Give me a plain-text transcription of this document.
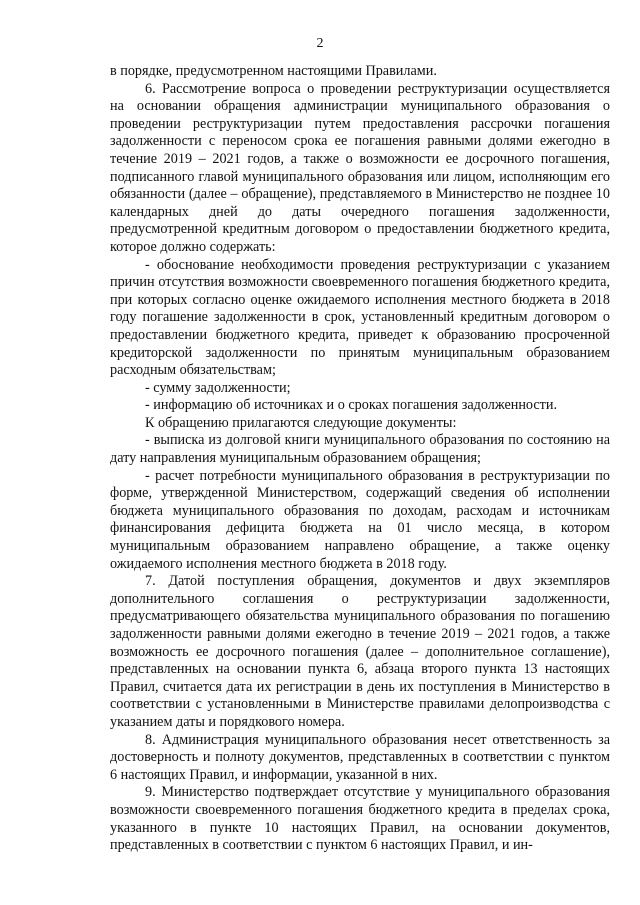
2

в порядке, предусмотренном настоящими Правилами.

6. Рассмотрение вопроса о проведении реструктуризации осуществляется на основании обращения администрации муниципального образования о проведении реструктуризации путем предоставления рассрочки погашения задолженности с переносом срока ее погашения равными долями ежегодно в течение 2019 – 2021 годов, а также о возможности ее досрочного погашения, подписанного главой муниципального образования или лицом, исполняющим его обязанности (далее – обращение), представляемого в Министерство не позднее 10 календарных дней до даты очередного погашения задолженности, предусмотренной кредитным договором о предоставлении бюджетного кредита, которое должно содержать:

- обоснование необходимости проведения реструктуризации с указанием причин отсутствия возможности своевременного погашения бюджетного кредита, при которых согласно оценке ожидаемого исполнения местного бюджета в 2018 году погашение задолженности в срок, установленный кредитным договором о предоставлении бюджетного кредита, приведет к образованию просроченной кредиторской задолженности по принятым муниципальным образованием расходным обязательствам;

- сумму задолженности;

- информацию об источниках и о сроках погашения задолженности.

К обращению прилагаются следующие документы:

- выписка из долговой книги муниципального образования по состоянию на дату направления муниципальным образованием обращения;

- расчет потребности муниципального образования в реструктуризации по форме, утвержденной Министерством, содержащий сведения об исполнении бюджета муниципального образования по доходам, расходам и источникам финансирования дефицита бюджета на 01 число месяца, в котором муниципальным образованием направлено обращение, а также оценку ожидаемого исполнения местного бюджета в 2018 году.

7. Датой поступления обращения, документов и двух экземпляров дополнительного соглашения о реструктуризации задолженности, предусматривающего обязательства муниципального образования по погашению задолженности равными долями ежегодно в течение 2019 – 2021 годов, а также возможность ее досрочного погашения (далее – дополнительное соглашение), представленных на основании пункта 6, абзаца второго пункта 13 настоящих Правил, считается дата их регистрации в день их поступления в Министерство в соответствии с установленными в Министерстве правилами делопроизводства с указанием даты и порядкового номера.

8. Администрация муниципального образования несет ответственность за достоверность и полноту документов, представленных в соответствии с пунктом 6 настоящих Правил, и информации, указанной в них.

9. Министерство подтверждает отсутствие у муниципального образования возможности своевременного погашения бюджетного кредита в пределах срока, указанного в пункте 10 настоящих Правил, на основании документов, представленных в соответствии с пунктом 6 настоящих Правил, и ин-
